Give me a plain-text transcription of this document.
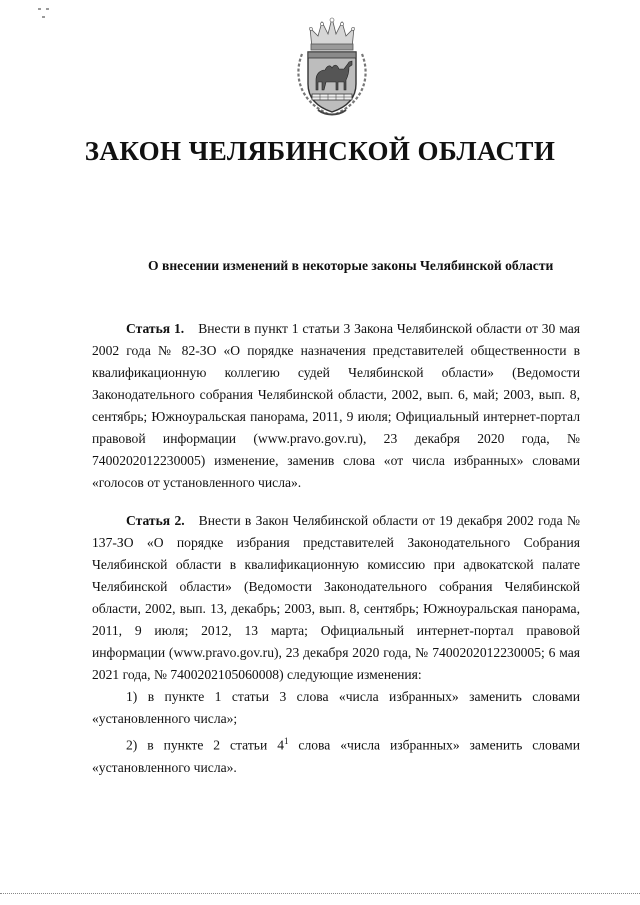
ЗАКОН ЧЕЛЯБИНСКОЙ ОБЛАСТИ

О внесении изменений в некоторые законы Челябинской области

Статья 1. Внести в пункт 1 статьи 3 Закона Челябинской области от 30 мая 2002 года № 82-ЗО «О порядке назначения представителей общественности в квалификационную коллегию судей Челябинской области» (Ведомости Законодательного собрания Челябинской области, 2002, вып. 6, май; 2003, вып. 8, сентябрь; Южноуральская панорама, 2011, 9 июля; Официальный интернет-портал правовой информации (www.pravo.gov.ru), 23 декабря 2020 года, № 7400202012230005) изменение, заменив слова «от числа избранных» словами «голосов от установленного числа».

Статья 2. Внести в Закон Челябинской области от 19 декабря 2002 года № 137-ЗО «О порядке избрания представителей Законодательного Собрания Челябинской области в квалификационную комиссию при адвокатской палате Челябинской области» (Ведомости Законодательного собрания Челябинской области, 2002, вып. 13, декабрь; 2003, вып. 8, сентябрь; Южноуральская панорама, 2011, 9 июля; 2012, 13 марта; Официальный интернет-портал правовой информации (www.pravo.gov.ru), 23 декабря 2020 года, № 7400202012230005; 6 мая 2021 года, № 7400202105060008) следующие изменения:

1) в пункте 1 статьи 3 слова «числа избранных» заменить словами «установленного числа»;

2) в пункте 2 статьи $4^1$ слова «числа избранных» заменить словами «установленного числа».
